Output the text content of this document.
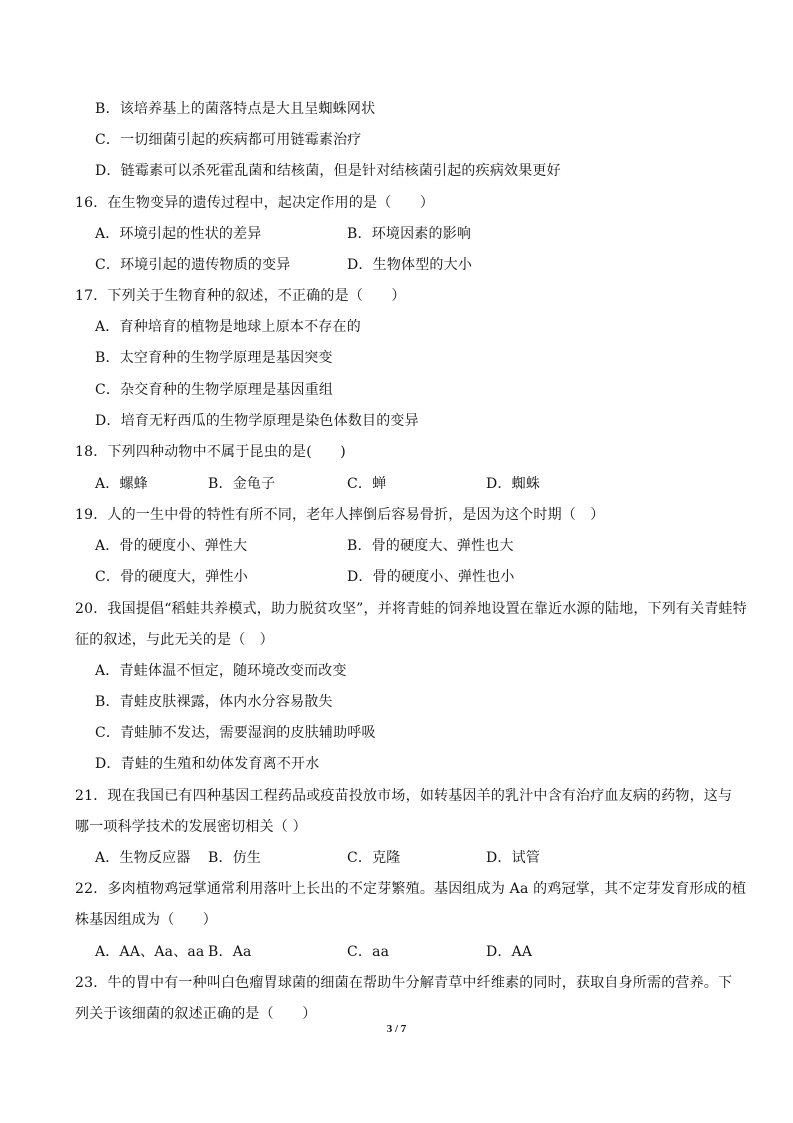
B．该培养基上的菌落特点是大且呈蜘蛛网状
C．一切细菌引起的疾病都可用链霉素治疗
D．链霉素可以杀死霍乱菌和结核菌，但是针对结核菌引起的疾病效果更好
16．在生物变异的遗传过程中，起决定作用的是（　　）
A．环境引起的性状的差异	B．环境因素的影响
C．环境引起的遗传物质的变异	D．生物体型的大小
17．下列关于生物育种的叙述，不正确的是（　　）
A．育种培育的植物是地球上原本不存在的
B．太空育种的生物学原理是基因突变
C．杂交育种的生物学原理是基因重组
D．培育无籽西瓜的生物学原理是染色体数目的变异
18．下列四种动物中不属于昆虫的是(　　)
A．螺蜂	B．金龟子	C．蝉	D．蜘蛛
19．人的一生中骨的特性有所不同，老年人摔倒后容易骨折，是因为这个时期（　）
A．骨的硬度小、弹性大	B．骨的硬度大、弹性也大
C．骨的硬度大，弹性小	D．骨的硬度小、弹性也小
20．我国提倡“稻蛙共养模式，助力脱贫攻坚”，并将青蛙的饲养地设置在靠近水源的陆地，下列有关青蛙特
征的叙述，与此无关的是（　）
A．青蛙体温不恒定，随环境改变而改变
B．青蛙皮肤裸露，体内水分容易散失
C．青蛙肺不发达，需要湿润的皮肤辅助呼吸
D．青蛙的生殖和幼体发育离不开水
21．现在我国已有四种基因工程药品或疫苗投放市场，如转基因羊的乳汁中含有治疗血友病的药物，这与
哪一项科学技术的发展密切相关（ ）
A．生物反应器 B．仿生	C．克隆	D．试管
22．多肉植物鸡冠掌通常利用落叶上长出的不定芽繁殖。基因组成为 Aa 的鸡冠掌，其不定芽发育形成的植
株基因组成为（　　）
A．AA、Aa、aa B．Aa	C．aa	D．AA
23．牛的胃中有一种叫白色瘤胃球菌的细菌在帮助牛分解青草中纤维素的同时，获取自身所需的营养。下
列关于该细菌的叙述正确的是（　　）
3 / 7
